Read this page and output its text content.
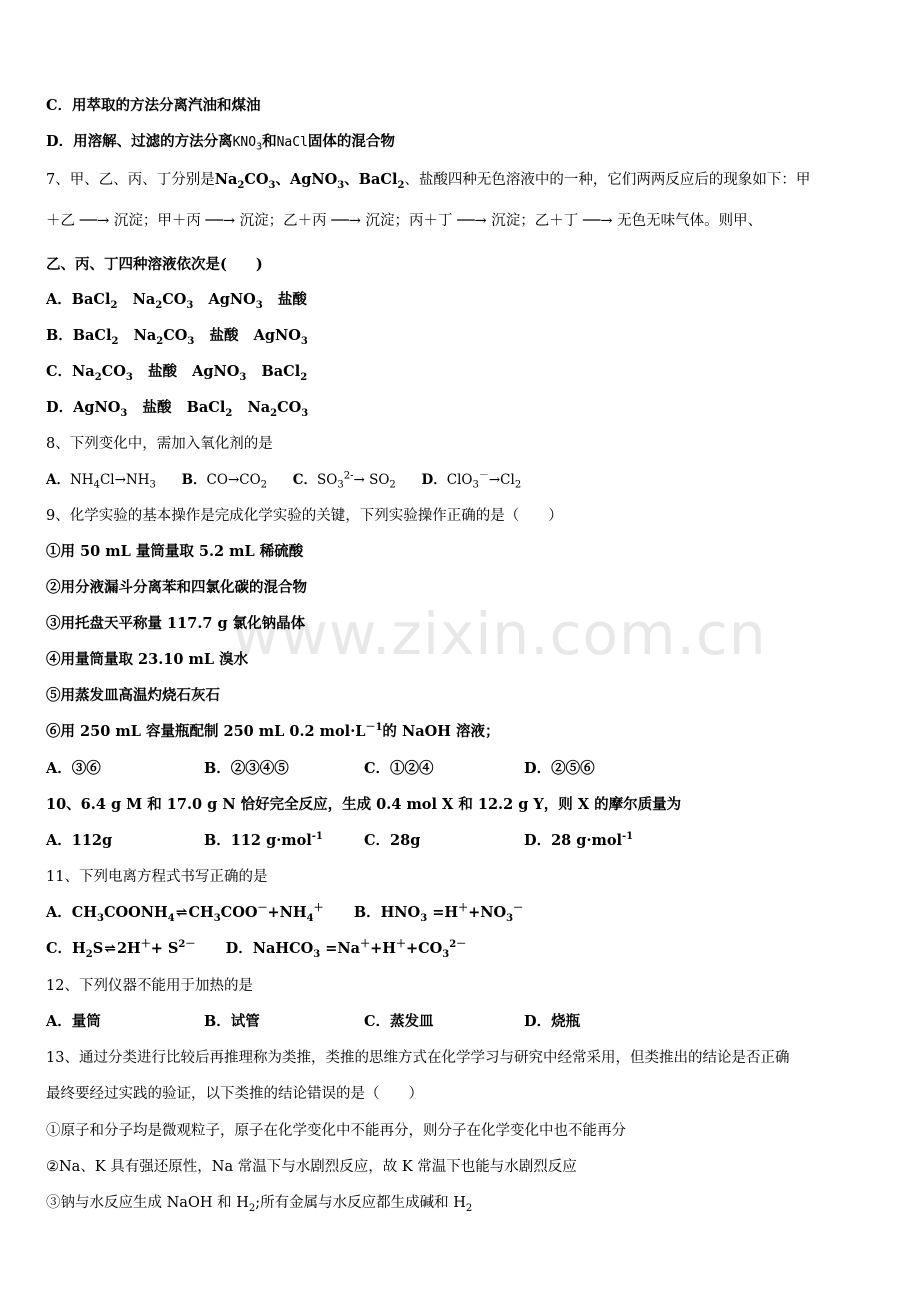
www.zixin.com.cn
C．用萃取的方法分离汽油和煤油
D．用溶解、过滤的方法分离$KNO_3$和NaCl固体的混合物
7、甲、乙、丙、丁分别是$Na_2CO_3$、AgNO$_3$、BaCl$_2$、盐酸四种无色溶液中的一种，它们两两反应后的现象如下：甲
＋乙 ──→ 沉淀；甲＋丙 ──→ 沉淀；乙＋丙 ──→ 沉淀；丙＋丁 ──→ 沉淀；乙＋丁 ──→ 无色无味气体。则甲、
乙、丙、丁四种溶液依次是(　　)
A．BaCl$_2$   $Na_2CO_3$   AgNO$_3$ 盐酸
B．BaCl$_2$   $Na_2CO_3$ 盐酸   AgNO$_3$
C．$Na_2CO_3$ 盐酸   AgNO$_3$   BaCl$_2$
D．AgNO$_3$ 盐酸   BaCl$_2$   $Na_2CO_3$
8、下列变化中，需加入氧化剂的是
A．$NH_4Cl\to NH_3$ B．$CO\to CO_2$ C．$SO_3^{2-}\to SO_2$ D．$ClO_3^-\to Cl_2$
9、化学实验的基本操作是完成化学实验的关键，下列实验操作正确的是（　　）
①用 50 mL 量筒量取 5.2 mL 稀硫酸
②用分液漏斗分离苯和四氯化碳的混合物
③用托盘天平称量 117.7 g 氯化钠晶体
④用量筒量取 23.10 mL 溴水
⑤用蒸发皿高温灼烧石灰石
⑥用 250 mL 容量瓶配制 250 mL 0.2 $mol\cdot L^{-1}$的 NaOH 溶液；
A．③⑥	B．②③④⑤	C．①②④	D．②⑤⑥
10、6.4 g M 和 17.0 g N 恰好完全反应，生成 0.4 mol X 和 12.2 g Y，则 X 的摩尔质量为
A．112g	B．112 g·mol$^{-1}$	C．28g	D．28 g·mol$^{-1}$
11、下列电离方程式书写正确的是
A．$CH_3COONH_4\rightleftharpoons CH_3COO^-+NH_4^+$      B．$HNO_3 =H^++NO_3^-$
C．$H_2S\rightleftharpoons 2H^++ S^{2-}$      D．NaHCO$_3$ $=Na^++H^++CO_3^{2-}$
12、下列仪器不能用于加热的是
A．量筒	B．试管	C．蒸发皿	D．烧瓶
13、通过分类进行比较后再推理称为类推，类推的思维方式在化学学习与研究中经常采用，但类推出的结论是否正确
最终要经过实践的验证，以下类推的结论错误的是（　　）
①原子和分子均是微观粒子，原子在化学变化中不能再分，则分子在化学变化中也不能再分
②Na、K 具有强还原性，Na 常温下与水剧烈反应，故 K 常温下也能与水剧烈反应
③钠与水反应生成 NaOH 和 $H_2$;所有金属与水反应都生成碱和 $H_2$
